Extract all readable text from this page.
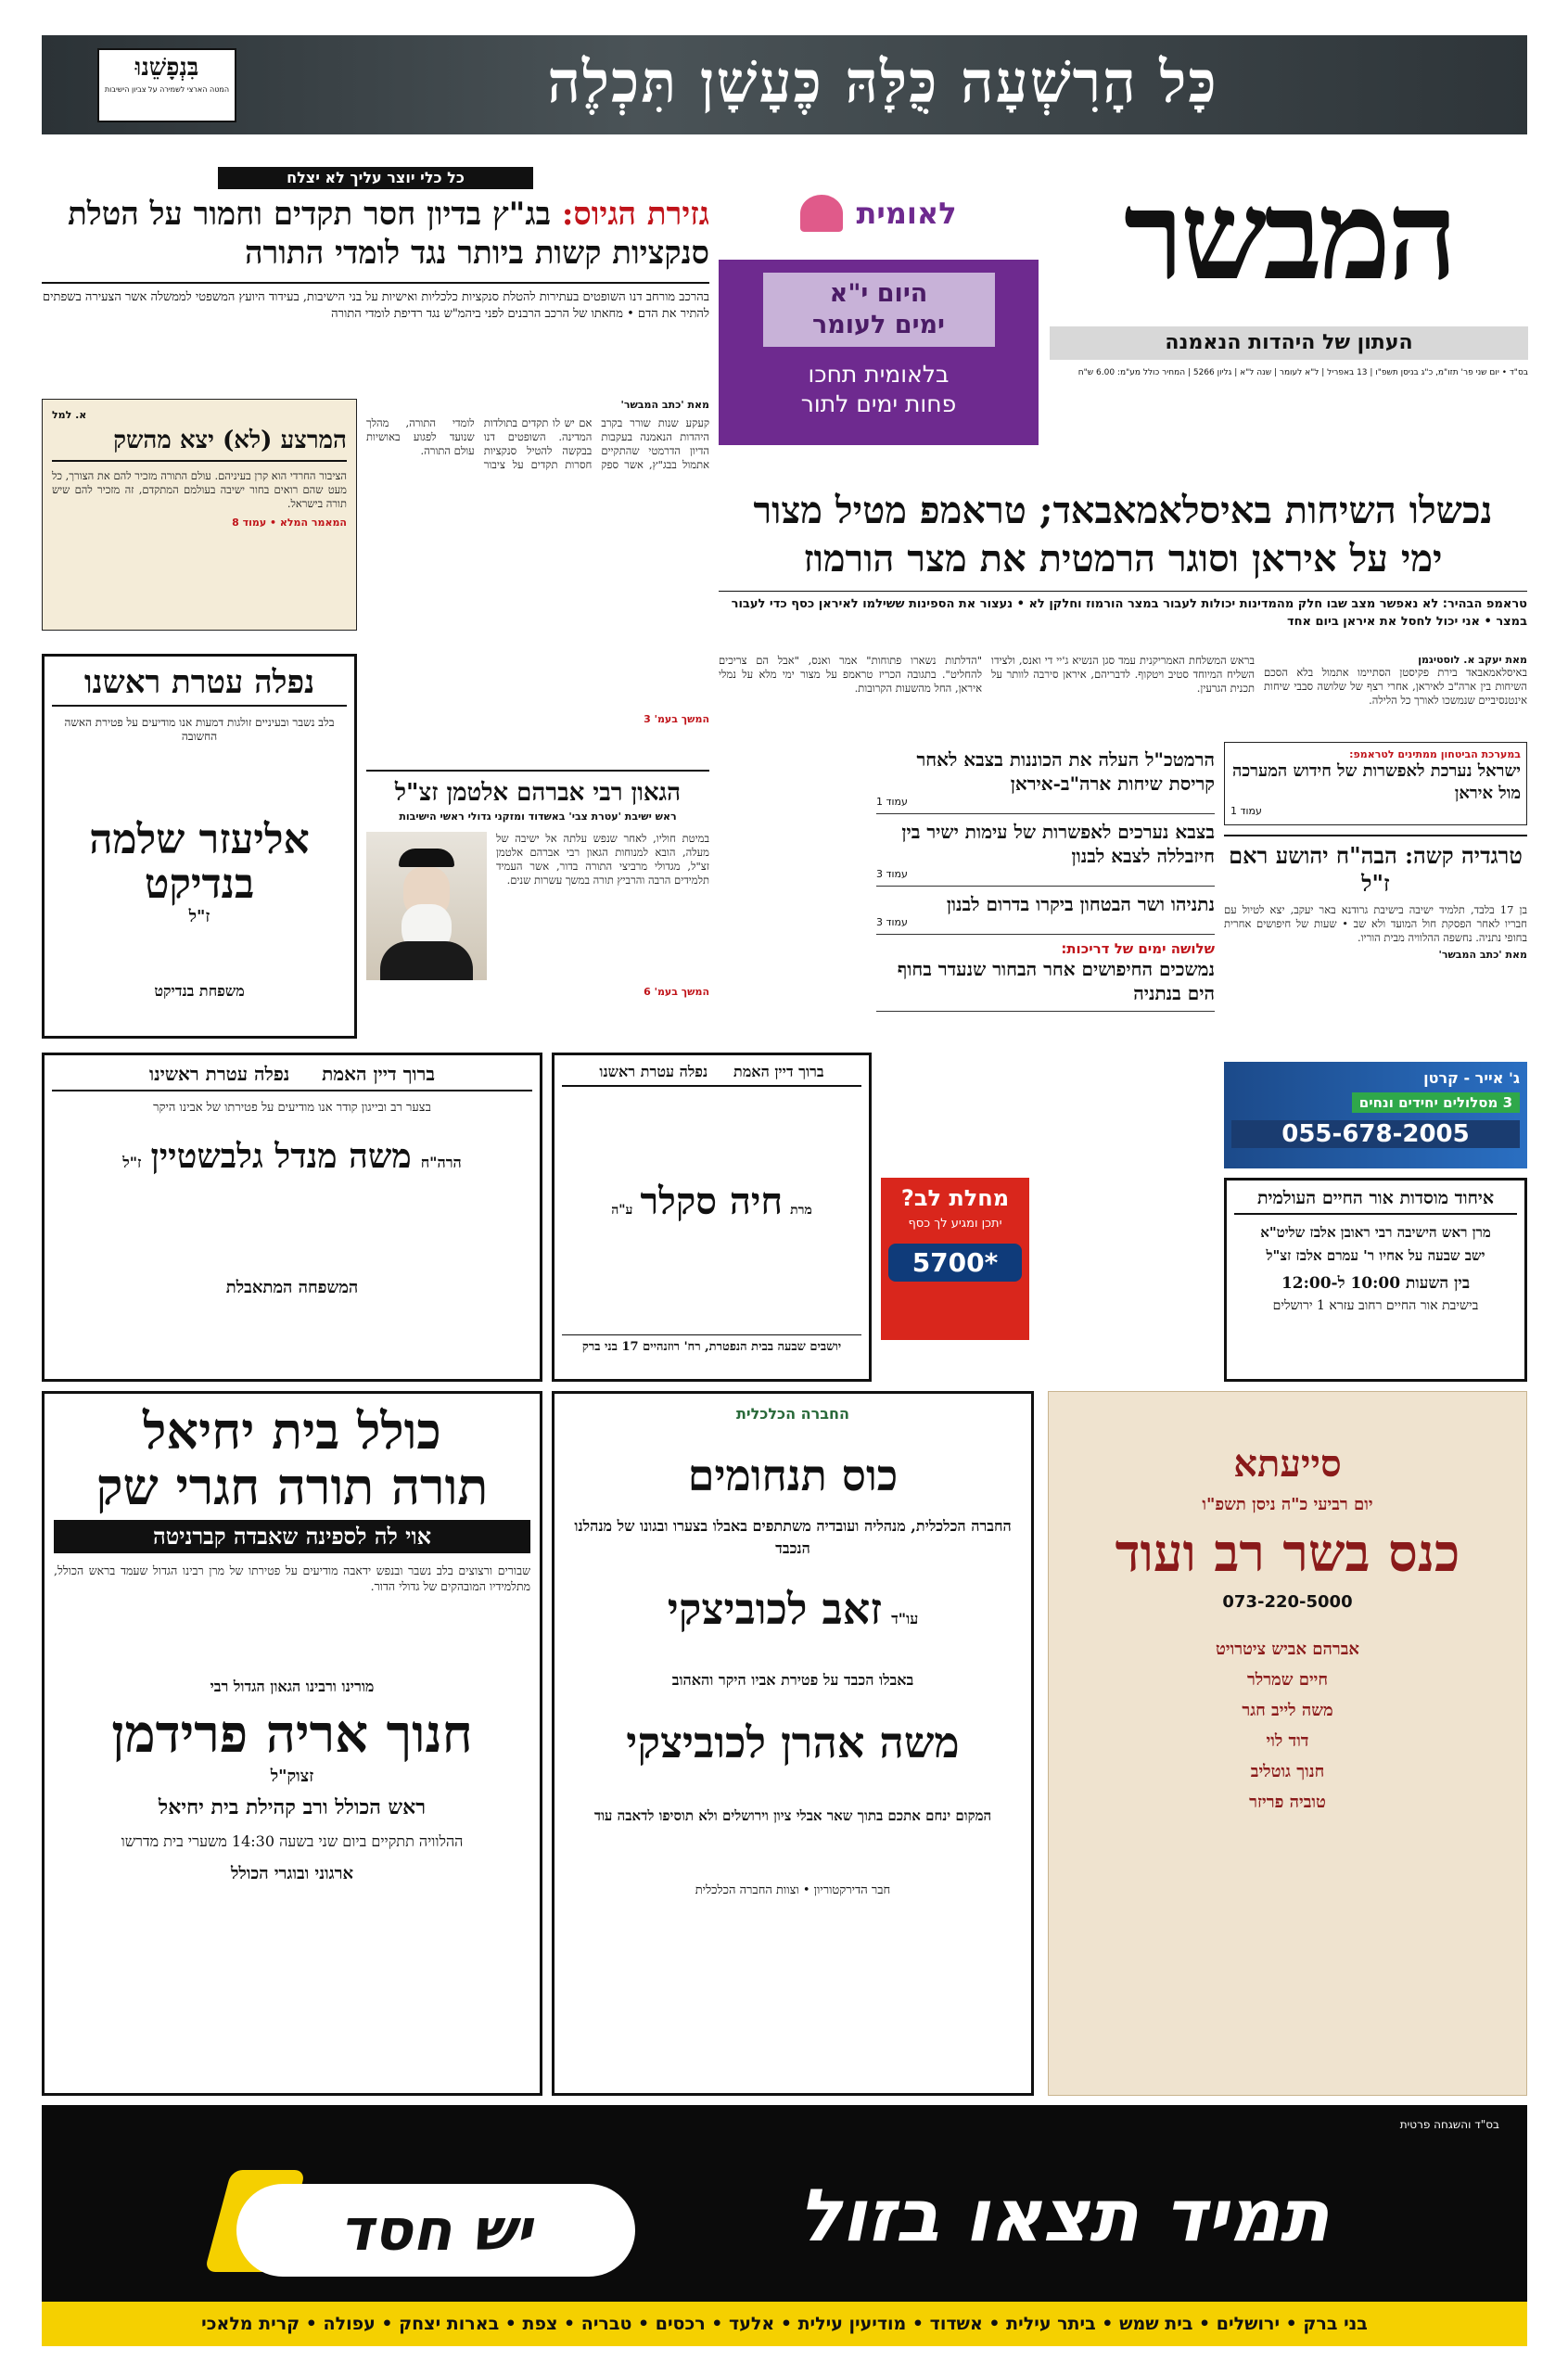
כָּל הָרִשְׁעָה כֻּלָּהּ כֶּעָשָׁן תִּכְלֶה
בִּנְפָשֵׁנוּ
המטה הארצי לשמירה על צביון הישיבות
המבשר
העתון של היהדות הנאמנה
בס"ד • יום שני פר' תזו"מ, כ"ג בניסן תשפ"ו | 13 באפריל | ל"א לעומר | שנה ל"א | גליון 5266 | המחיר כולל מע"מ: 6.00 ש"ח
לאומית
היום י"א
ימים לעומר
בלאומית תחכו
פחות ימים לתור
כל כלי יוצר עליך לא יצלח
גזירת הגיוס: בג"ץ בדיון חסר תקדים וחמור על הטלת סנקציות קשות ביותר נגד לומדי התורה
בהרכב מורחב דנו השופטים בעתירות להטלת סנקציות כלכליות ואישיות על בני הישיבות, בעידוד היועץ המשפטי לממשלה אשר הצעירה בשפתים להתיר את הדם • מחאתו של הרכב הרבנים לפני ביהמ"ש נגד רדיפת לומדי התורה
מאת 'כתב המבשר'
קעקע שנות שורר בקרב היהדות הנאמנה בעקבות הדיון הדרמטי שהתקיים אתמול בבג"ץ, אשר ספק אם יש לו תקדים בתולדות המדינה. השופטים דנו בבקשה להטיל סנקציות חסרות תקדים על ציבור לומדי התורה, מהלך שנועד לפגוע באושיות עולם התורה.
המשך בעמ' 3
א. למל
המרצע (לא) יצא מהשק
הציבור החרדי הוא קרן בעיניהם. עולם התורה מזכיר להם את הצורך, כל מעט שהם רואים בחור ישיבה בעולמם המתקדם, זה מזכיר להם שיש תורה בישראל.
המאמר המלא • עמוד 8	נכשלו השיחות באיסלאמאבאד; טראמפ מטיל מצור
ימי על איראן וסוגר הרמטית את מצר הורמוז
טראמפ הבהיר: לא נאפשר מצב שבו חלק מהמדינות יכולות לעבור במצר הורמוז וחלקן לא • נעצור את הספינות ששילמו לאיראן כסף כדי לעבור במצר • אני יכול לחסל את איראן ביום אחד
מאת יעקב א. לוסטיגמן
באיסלאמאבאד בירת פקיסטן הסתיימו אתמול בלא הסכם השיחות בין ארה"ב לאיראן, אחרי רצף של שלושה סבבי שיחות אינטנסיביים שנמשכו לאורך כל הלילה.
בראש המשלחת האמריקנית עמד סגן הנשיא ג'יי די ואנס, ולצידו השליח המיוחד סטיב ויטקוף. לדבריהם, איראן סירבה לוותר על תכנית הגרעין.
"הדלתות נשארו פתוחות" אמר ואנס, "אבל הם צריכים להחליט". בתגובה הכריז טראמפ על מצור ימי מלא על נמלי איראן, החל מהשעות הקרובות.
במערכת הביטחון ממתינים לטראמפ:
ישראל נערכת לאפשרות של חידוש המערכה מול איראן
עמוד 1
הרמטכ"ל העלה את הכוננות בצבא לאחר קריסת שיחות ארה"ב-איראן
עמוד 1
בצבא נערכים לאפשרות של עימות ישיר בין חיזבללה לצבא לבנון
עמוד 3
נתניהו ושר הבטחון ביקרו בדרום לבנון
עמוד 3
שלושה ימים של דריכות:
נמשכים החיפושים אחר הבחור שנעדר בחוף הים בנתניה
טרגדיה קשה: הבה"ח יהושע ראם ז"ל
בן 17 בלבד, תלמיד ישיבה בישיבת גרודנא באר יעקב, יצא לטיול עם חבריו לאחר הפסקת חול המועד ולא שב • שעות של חיפושים אחרית בחופי נתניה. נחשפה ההלוויה מבית הוריו.
מאת 'כתב המבשר'
נפלה עטרת ראשנו
בלב נשבר ובעיניים זולגות דמעות אנו מודיעים על פטירת האשה החשובה
אליעזר שלמה בנדיקט
ז"ל
משפחת בנדיקט
הגאון רבי אברהם אלטמן זצ"ל
ראש ישיבת 'עטרת צבי' באשדוד ומזקני גדולי ראשי הישיבות
במיטת חוליו, לאחר שנפש עלתה אל ישיבה של מעלה, הובא למנוחות הגאון רבי אברהם אלטמן זצ"ל, מגדולי מרביצי התורה בדור, אשר העמיד תלמידים הרבה והרביץ תורה במשך עשרות שנים.
המשך בעמ' 6
ג' אייר - קרטן
3 מסלולים יחידים ונחים
055-678-2005
איחוד מוסדות אור החיים העולמית
מרן ראש הישיבה רבי ראובן אלבז שליט"א
ישב שבעה על אחיו ר' עמרם אלבז זצ"ל
בין השעות 10:00 ל-12:00
בישיבת אור החיים רחוב עזרא 1 ירושלים
ברוך דיין האמת     נפלה עטרת ראשינו
בצער רב ובייגון קודר אנו מודיעים על פטירתו של אבינו היקר
הרה"ח
משה מנדל גלבשטיין
ז"ל
המשפחה המתאבלת
ברוך דיין האמת     נפלה עטרת ראשנו
מרת
חיה סקלר
ע"ה
יושבים שבעה בבית הנפטרת, רח' רוזנהיים 17 בני ברק
מחלת לב?
יתכן ומגיע לך כסף
*5700
כולל בית יחיאל
תורה תורה חגרי שק
אוי לה לספינה שאבדה קברניטה
שבורים ורצוצים בלב נשבר ובנפש ידאבה מודיעים על פטירתו של מרן רבינו הגדול שעמד בראש הכולל, מתלמידיו המובהקים של גדולי הדור.
מורינו ורבינו הגאון הגדול רבי
חנוך אריה פרידמן
זצוק"ל
ראש הכולל ורב קהילת בית יחיאל
ההלוויה תתקיים ביום שני בשעה 14:30 משערי בית מדרשו
ארגוני ובוגרי הכולל
החברה הכלכלית
כוס תנחומים
החברה הכלכלית, מנהליה ועובדיה משתתפים באבלו בצערו ובגונו של מנהלנו הנכבד
עו"ד
זאב לכוביצקי
באבלו הכבד על פטירת אביו היקר והאהוב
משה אהרן לכוביצקי
המקום ינחם אתכם בתוך שאר אבלי ציון וירושלים ולא תוסיפו לדאבה עוד
חבר הדירקטוריון • וצוות החברה הכלכלית
סייעתא
יום רביעי כ"ה ניסן תשפ"ו
כנס בשר רב ועוד
073-220-5000
אברהם אביש ציטרויט
חיים שמרלר
משה לייב חגר
דוד לוי
חנוך גוטליב
טוביה פריזר
בס"ד והשגחה פרטית
תמיד תצאו בזול
יש חסד
בני ברק • ירושלים • בית שמש • ביתר עילית • אשדוד • מודיעין עילית • אלעד • רכסים • טבריה • צפת • בארות יצחק • עפולה • קרית מלאכי
